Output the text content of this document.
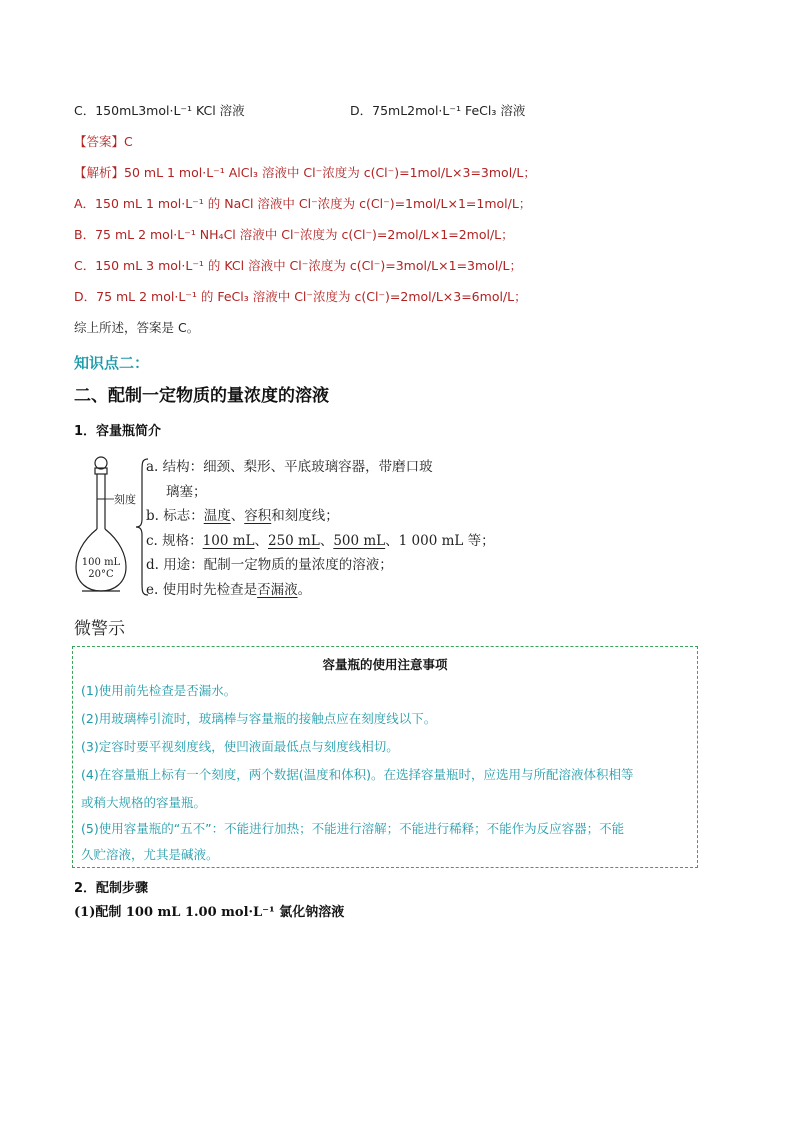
C．150mL3mol·L⁻¹ KCl 溶液	D．75mL2mol·L⁻¹ FeCl₃ 溶液
【答案】C
【解析】50 mL 1 mol·L⁻¹ AlCl₃ 溶液中 Cl⁻浓度为 c(Cl⁻)=1mol/L×3=3mol/L；
A．150 mL 1 mol·L⁻¹ 的 NaCl 溶液中 Cl⁻浓度为 c(Cl⁻)=1mol/L×1=1mol/L；
B．75 mL 2 mol·L⁻¹ NH₄Cl 溶液中 Cl⁻浓度为 c(Cl⁻)=2mol/L×1=2mol/L；
C．150 mL 3 mol·L⁻¹ 的 KCl 溶液中 Cl⁻浓度为 c(Cl⁻)=3mol/L×1=3mol/L；
D．75 mL 2 mol·L⁻¹ 的 FeCl₃ 溶液中 Cl⁻浓度为 c(Cl⁻)=2mol/L×3=6mol/L；
综上所述，答案是 C。
知识点二：
二、配制一定物质的量浓度的溶液
1．容量瓶简介
刻度
100 mL
20°C
a. 结构：细颈、梨形、平底玻璃容器，带磨口玻
璃塞；
b. 标志：温度、容积和刻度线；
c. 规格：100 mL、250 mL、500 mL、1 000 mL 等；
d. 用途：配制一定物质的量浓度的溶液；
e. 使用时先检查是否漏液。
微警示
容量瓶的使用注意事项
(1)使用前先检查是否漏水。
(2)用玻璃棒引流时，玻璃棒与容量瓶的接触点应在刻度线以下。
(3)定容时要平视刻度线，使凹液面最低点与刻度线相切。
(4)在容量瓶上标有一个刻度，两个数据(温度和体积)。在选择容量瓶时，应选用与所配溶液体积相等
或稍大规格的容量瓶。
(5)使用容量瓶的“五不”：不能进行加热；不能进行溶解；不能进行稀释；不能作为反应容器；不能
久贮溶液，尤其是碱液。
2．配制步骤
(1)配制 100 mL 1.00 mol·L⁻¹ 氯化钠溶液
